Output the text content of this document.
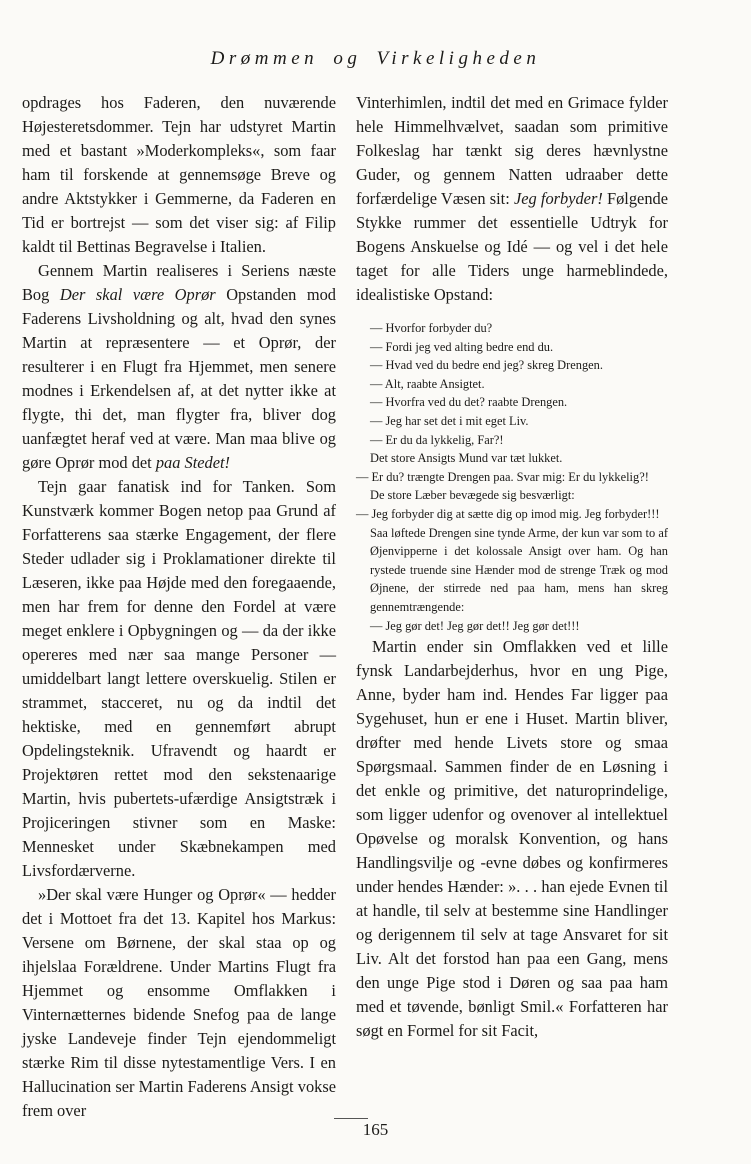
Drømmen og Virkeligheden

opdrages hos Faderen, den nuværende Højesteretsdommer. Tejn har udstyret Martin med et bastant »Moderkompleks«, som faar ham til forskende at gennemsøge Breve og andre Aktstykker i Gemmerne, da Faderen en Tid er bortrejst — som det viser sig: af Filip kaldt til Bettinas Begravelse i Italien.

Gennem Martin realiseres i Seriens næste Bog Der skal være Oprør Opstanden mod Faderens Livsholdning og alt, hvad den synes Martin at repræsentere — et Oprør, der resulterer i en Flugt fra Hjemmet, men senere modnes i Erkendelsen af, at det nytter ikke at flygte, thi det, man flygter fra, bliver dog uanfægtet heraf ved at være. Man maa blive og gøre Oprør mod det paa Stedet!

Tejn gaar fanatisk ind for Tanken. Som Kunstværk kommer Bogen netop paa Grund af Forfatterens saa stærke Engagement, der flere Steder udlader sig i Proklamationer direkte til Læseren, ikke paa Højde med den foregaaende, men har frem for denne den Fordel at være meget enklere i Opbygningen og — da der ikke opereres med nær saa mange Personer — umiddelbart langt lettere overskuelig. Stilen er strammet, stacceret, nu og da indtil det hektiske, med en gennemført abrupt Opdelingsteknik. Ufravendt og haardt er Projektøren rettet mod den sekstenaarige Martin, hvis pubertets-ufærdige Ansigtstræk i Projiceringen stivner som en Maske: Mennesket under Skæbnekampen med Livsfordærverne.

»Der skal være Hunger og Oprør« — hedder det i Mottoet fra det 13. Kapitel hos Markus: Versene om Børnene, der skal staa op og ihjelslaa Forældrene. Under Martins Flugt fra Hjemmet og ensomme Omflakken i Vinternætternes bidende Snefog paa de lange jyske Landeveje finder Tejn ejendommeligt stærke Rim til disse nytestamentlige Vers. I en Hallucination ser Martin Faderens Ansigt vokse frem over

Vinterhimlen, indtil det med en Grimace fylder hele Himmelhvælvet, saadan som primitive Folkeslag har tænkt sig deres hævnlystne Guder, og gennem Natten udraaber dette forfærdelige Væsen sit: Jeg forbyder! Følgende Stykke rummer det essentielle Udtryk for Bogens Anskuelse og Idé — og vel i det hele taget for alle Tiders unge harmeblindede, idealistiske Opstand:

— Hvorfor forbyder du?

— Fordi jeg ved alting bedre end du.

— Hvad ved du bedre end jeg? skreg Drengen.

— Alt, raabte Ansigtet.

— Hvorfra ved du det? raabte Drengen.

— Jeg har set det i mit eget Liv.

— Er du da lykkelig, Far?!

Det store Ansigts Mund var tæt lukket.

— Er du? trængte Drengen paa. Svar mig: Er du lykkelig?!

De store Læber bevægede sig besværligt:

— Jeg forbyder dig at sætte dig op imod mig. Jeg forbyder!!!

Saa løftede Drengen sine tynde Arme, der kun var som to af Øjenvipperne i det kolossale Ansigt over ham. Og han rystede truende sine Hænder mod de strenge Træk og mod Øjnene, der stirrede ned paa ham, mens han skreg gennemtrængende:

— Jeg gør det! Jeg gør det!! Jeg gør det!!!

Martin ender sin Omflakken ved et lille fynsk Landarbejderhus, hvor en ung Pige, Anne, byder ham ind. Hendes Far ligger paa Sygehuset, hun er ene i Huset. Martin bliver, drøfter med hende Livets store og smaa Spørgsmaal. Sammen finder de en Løsning i det enkle og primitive, det naturoprindelige, som ligger udenfor og ovenover al intellektuel Opøvelse og moralsk Konvention, og hans Handlingsvilje og -evne døbes og konfirmeres under hendes Hænder: ». . . han ejede Evnen til at handle, til selv at bestemme sine Handlinger og derigennem til selv at tage Ansvaret for sit Liv. Alt det forstod han paa een Gang, mens den unge Pige stod i Døren og saa paa ham med et tøvende, bønligt Smil.« Forfatteren har søgt en Formel for sit Facit,

165
